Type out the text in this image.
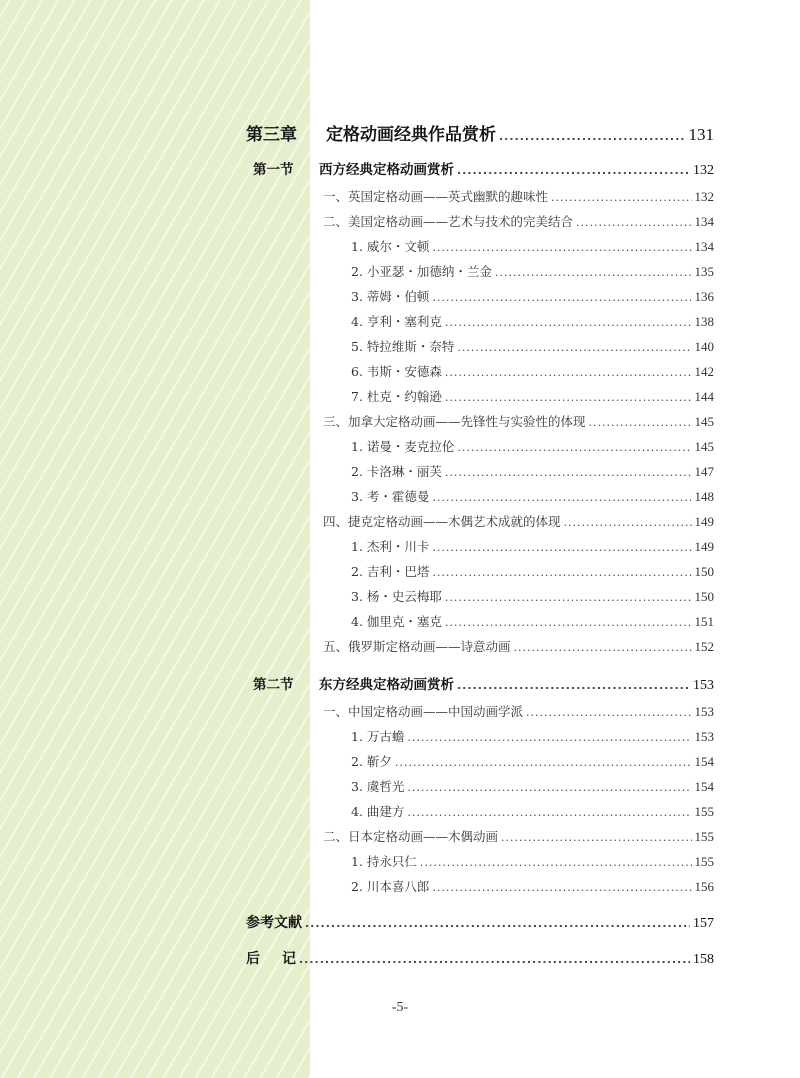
第三章	定格动画经典作品赏析 .....	131
第一节	西方经典定格动画赏析 .....	132
一、英国定格动画——英式幽默的趣味性 .....	132
二、美国定格动画——艺术与技术的完美结合 .....	134
1. 威尔・文顿 .....	134
2. 小亚瑟・加德纳・兰金 .....	135
3. 蒂姆・伯顿 .....	136
4. 亨利・塞利克 .....	138
5. 特拉维斯・奈特 .....	140
6. 韦斯・安德森 .....	142
7. 杜克・约翰逊 .....	144
三、加拿大定格动画——先锋性与实验性的体现 .....	145
1. 诺曼・麦克拉伦 .....	145
2. 卡洛琳・丽芙 .....	147
3. 考・霍德曼 .....	148
四、捷克定格动画——木偶艺术成就的体现 .....	149
1. 杰利・川卡 .....	149
2. 吉利・巴塔 .....	150
3. 杨・史云梅耶 .....	150
4. 伽里克・塞克 .....	151
五、俄罗斯定格动画——诗意动画 .....	152
第二节	东方经典定格动画赏析 .....	153
一、中国定格动画——中国动画学派 .....	153
1. 万古蟾 .....	153
2. 靳夕 .....	154
3. 虞哲光 .....	154
4. 曲建方 .....	155
二、日本定格动画——木偶动画 .....	155
1. 持永只仁 .....	155
2. 川本喜八郎 .....	156
参考文献 .....	157
后	记 .....	158
-5-
